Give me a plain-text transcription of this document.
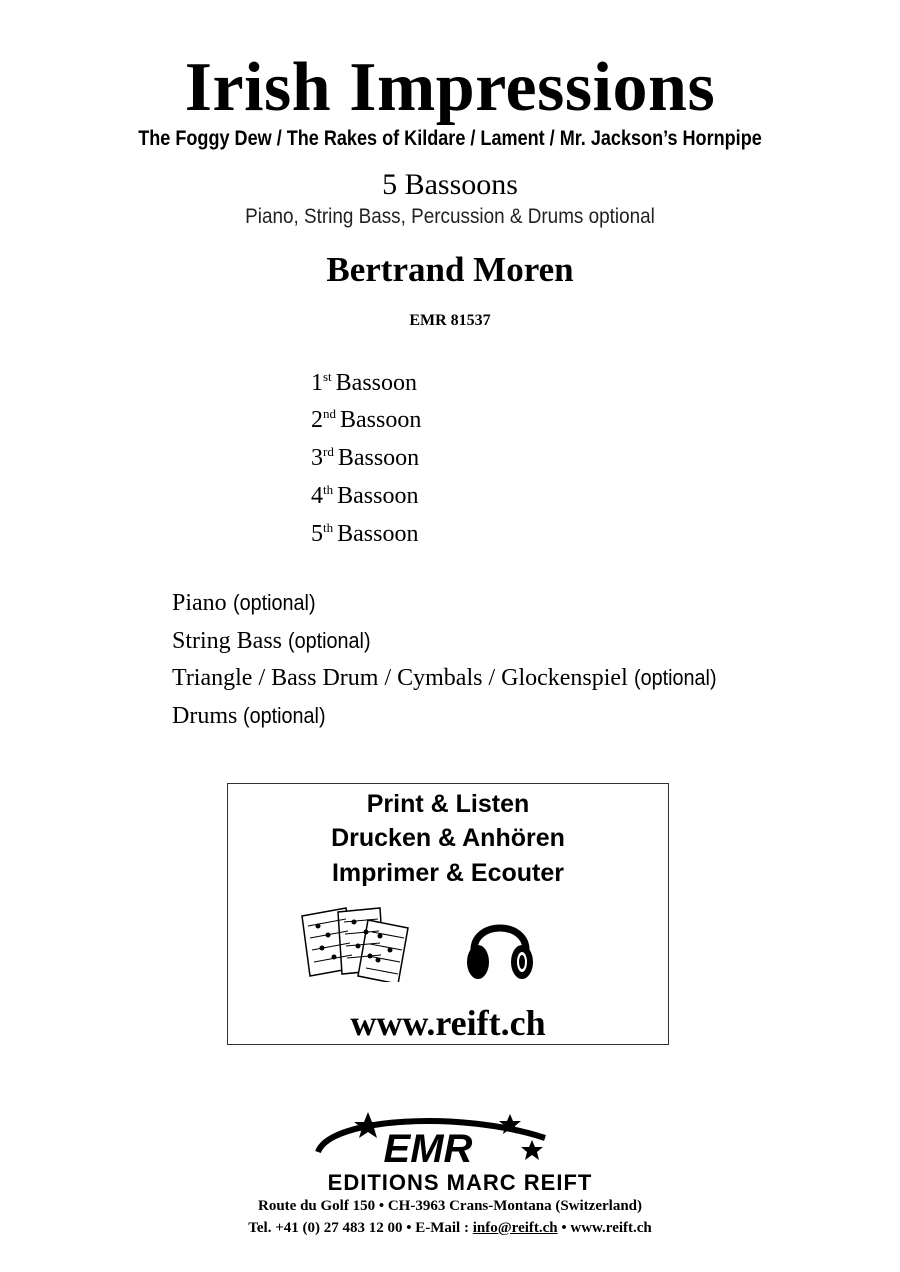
Irish Impressions
The Foggy Dew / The Rakes of Kildare / Lament / Mr. Jackson’s Hornpipe
5 Bassoons
Piano, String Bass, Percussion & Drums optional
Bertrand Moren
EMR 81537
1st Bassoon
2nd Bassoon
3rd Bassoon
4th Bassoon
5th Bassoon
Piano (optional)
String Bass (optional)
Triangle / Bass Drum / Cymbals / Glockenspiel (optional)
Drums (optional)
Print & Listen
Drucken & Anhören
Imprimer & Ecouter
www.reift.ch
EMR
EDITIONS MARC REIFT
Route du Golf 150 • CH-3963 Crans-Montana (Switzerland)
Tel. +41 (0) 27 483 12 00 • E-Mail : info@reift.ch • www.reift.ch
